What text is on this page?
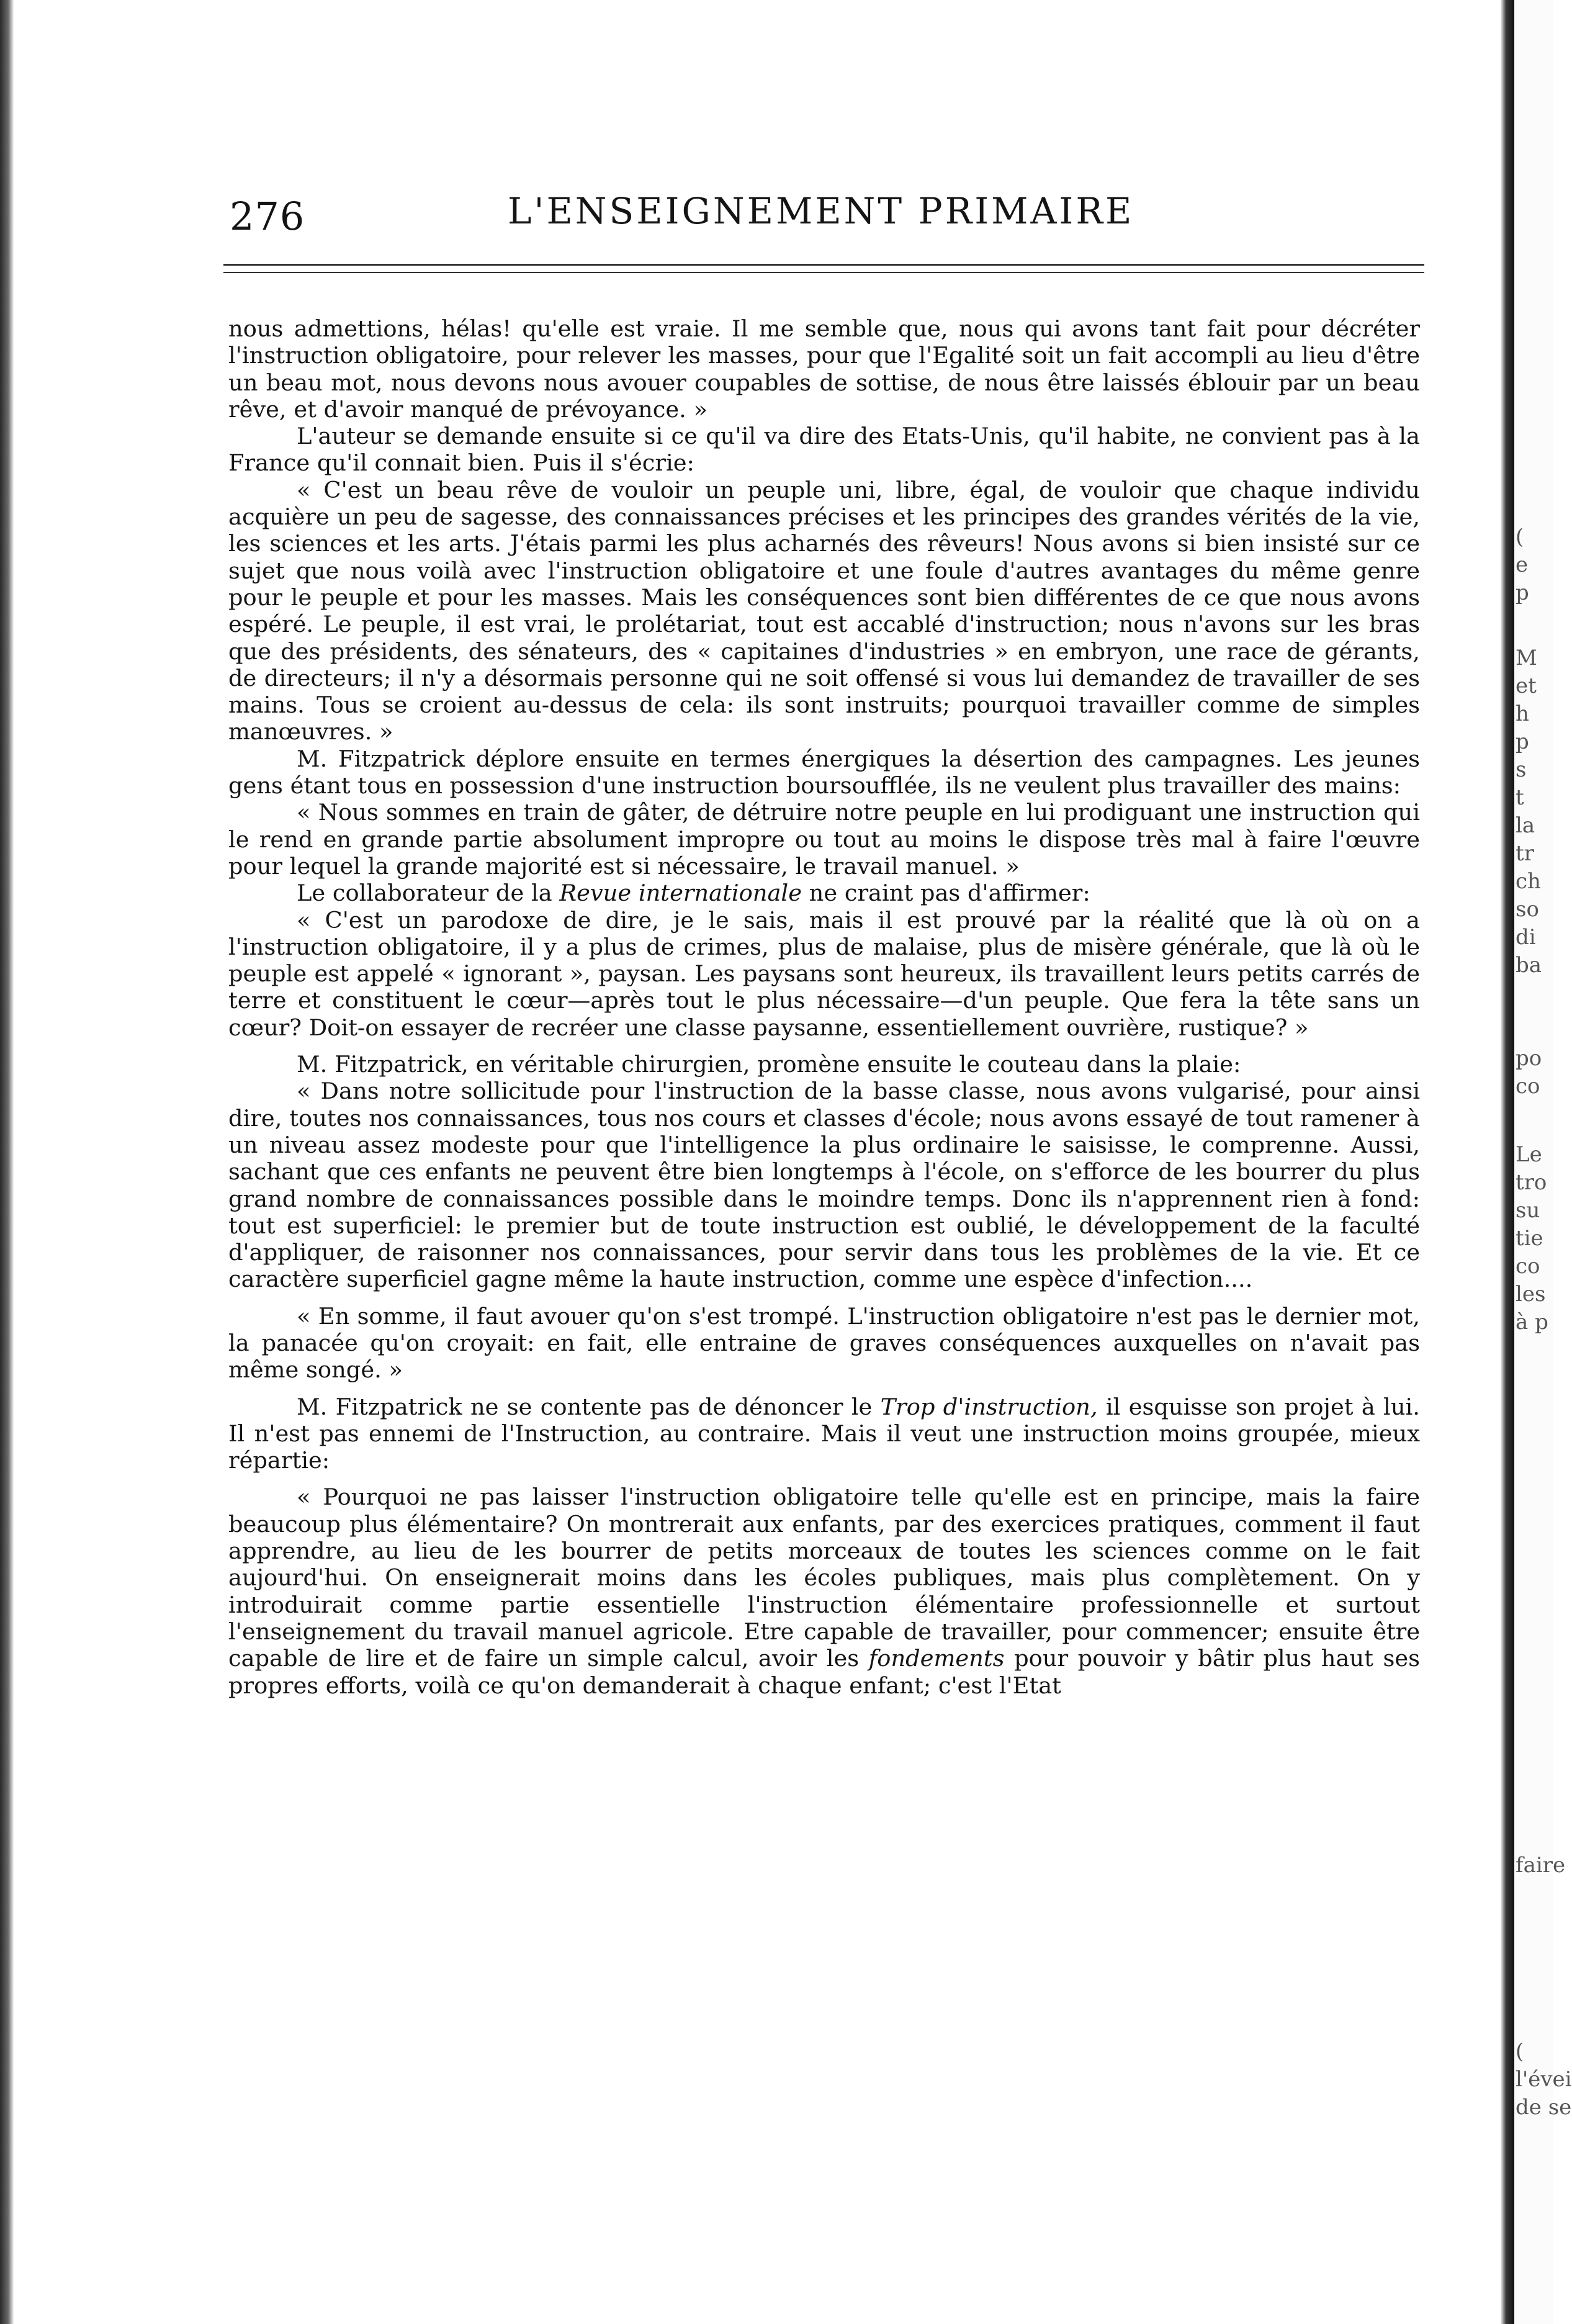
276	L'ENSEIGNEMENT PRIMAIRE

nous admettions, hélas! qu'elle est vraie. Il me semble que, nous qui avons tant fait pour décréter l'instruction obligatoire, pour relever les masses, pour que l'Egalité soit un fait accompli au lieu d'être un beau mot, nous devons nous avouer coupables de sottise, de nous être laissés éblouir par un beau rêve, et d'avoir manqué de prévoyance. »

L'auteur se demande ensuite si ce qu'il va dire des Etats-Unis, qu'il habite, ne convient pas à la France qu'il connait bien. Puis il s'écrie:

« C'est un beau rêve de vouloir un peuple uni, libre, égal, de vouloir que chaque individu acquière un peu de sagesse, des connaissances précises et les principes des grandes vérités de la vie, les sciences et les arts. J'étais parmi les plus acharnés des rêveurs! Nous avons si bien insisté sur ce sujet que nous voilà avec l'instruction obligatoire et une foule d'autres avantages du même genre pour le peuple et pour les masses. Mais les conséquences sont bien différentes de ce que nous avons espéré. Le peuple, il est vrai, le prolétariat, tout est accablé d'instruction; nous n'avons sur les bras que des présidents, des sénateurs, des « capitaines d'industries » en embryon, une race de gérants, de directeurs; il n'y a désormais personne qui ne soit offensé si vous lui demandez de travailler de ses mains. Tous se croient au-dessus de cela: ils sont instruits; pourquoi travailler comme de simples manœuvres. »

M. Fitzpatrick déplore ensuite en termes énergiques la désertion des campagnes. Les jeunes gens étant tous en possession d'une instruction boursoufflée, ils ne veulent plus travailler des mains:

« Nous sommes en train de gâter, de détruire notre peuple en lui prodiguant une instruction qui le rend en grande partie absolument impropre ou tout au moins le dispose très mal à faire l'œuvre pour lequel la grande majorité est si nécessaire, le travail manuel. »

Le collaborateur de la Revue internationale ne craint pas d'affirmer:

« C'est un parodoxe de dire, je le sais, mais il est prouvé par la réalité que là où on a l'instruction obligatoire, il y a plus de crimes, plus de malaise, plus de misère générale, que là où le peuple est appelé « ignorant », paysan. Les paysans sont heureux, ils travaillent leurs petits carrés de terre et constituent le cœur—après tout le plus nécessaire—d'un peuple. Que fera la tête sans un cœur? Doit-on essayer de recréer une classe paysanne, essentiellement ouvrière, rustique? »

M. Fitzpatrick, en véritable chirurgien, promène ensuite le couteau dans la plaie:

« Dans notre sollicitude pour l'instruction de la basse classe, nous avons vulgarisé, pour ainsi dire, toutes nos connaissances, tous nos cours et classes d'école; nous avons essayé de tout ramener à un niveau assez modeste pour que l'intelligence la plus ordinaire le saisisse, le comprenne. Aussi, sachant que ces enfants ne peuvent être bien longtemps à l'école, on s'efforce de les bourrer du plus grand nombre de connaissances possible dans le moindre temps. Donc ils n'apprennent rien à fond: tout est superficiel: le premier but de toute instruction est oublié, le développement de la faculté d'appliquer, de raisonner nos connaissances, pour servir dans tous les problèmes de la vie. Et ce caractère superficiel gagne même la haute instruction, comme une espèce d'infection....

« En somme, il faut avouer qu'on s'est trompé. L'instruction obligatoire n'est pas le dernier mot, la panacée qu'on croyait: en fait, elle entraine de graves conséquences auxquelles on n'avait pas même songé. »

M. Fitzpatrick ne se contente pas de dénoncer le Trop d'instruction, il esquisse son projet à lui. Il n'est pas ennemi de l'Instruction, au contraire. Mais il veut une instruction moins groupée, mieux répartie:

« Pourquoi ne pas laisser l'instruction obligatoire telle qu'elle est en principe, mais la faire beaucoup plus élémentaire? On montrerait aux enfants, par des exercices pratiques, comment il faut apprendre, au lieu de les bourrer de petits morceaux de toutes les sciences comme on le fait aujourd'hui. On enseignerait moins dans les écoles publiques, mais plus complètement. On y introduirait comme partie essentielle l'instruction élémentaire professionnelle et surtout l'enseignement du travail manuel agricole. Etre capable de travailler, pour commencer; ensuite être capable de lire et de faire un simple calcul, avoir les fondements pour pouvoir y bâtir plus haut ses propres efforts, voilà ce qu'on demanderait à chaque enfant; c'est l'Etat

(
e
p
M
et
h
p
s
t
la
tr
ch
so
di
ba
po
co
Le
tro
su
tie
co
les
à p
faire
(
l'évei
de se
